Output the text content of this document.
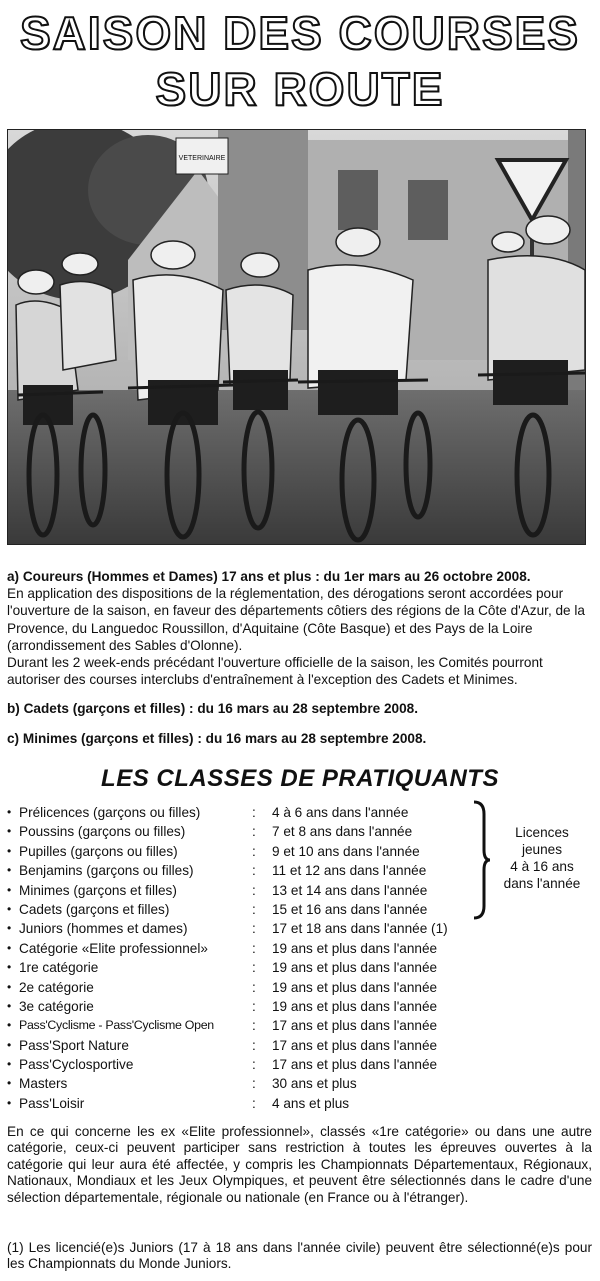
SAISON DES COURSES
SUR ROUTE
VETERINAIRE
a) Coureurs (Hommes et Dames) 17 ans et plus : du 1er mars au 26 octobre 2008.
En application des dispositions de la réglementation, des dérogations seront accordées pour l'ouverture de la saison, en faveur des départements côtiers des régions de la Côte d'Azur, de la Provence, du Languedoc Roussillon, d'Aquitaine (Côte Basque) et des Pays de la Loire (arrondissement des Sables d'Olonne).
Durant les 2 week-ends précédant l'ouverture officielle de la saison, les Comités pourront autoriser des courses interclubs d'entraînement à l'exception des Cadets et Minimes.
b) Cadets (garçons et filles) : du 16 mars au 28 septembre 2008.
c) Minimes (garçons et filles) : du 16 mars au 28 septembre 2008.
LES CLASSES DE PRATIQUANTS
• Prélicences (garçons ou filles)	: 4 à 6 ans dans l'année
• Poussins (garçons ou filles)	: 7 et 8 ans dans l'année
• Pupilles (garçons ou filles)	: 9 et 10 ans dans l'année
• Benjamins (garçons ou filles)	: 11 et 12 ans dans l'année
• Minimes (garçons et filles)	: 13 et 14 ans dans l'année
• Cadets (garçons et filles)	: 15 et 16 ans dans l'année
• Juniors (hommes et dames)	: 17 et 18 ans dans l'année (1)
• Catégorie «Elite professionnel»	: 19 ans et plus dans l'année
• 1re catégorie	: 19 ans et plus dans l'année
• 2e catégorie	: 19 ans et plus dans l'année
• 3e catégorie	: 19 ans et plus dans l'année
• Pass'Cyclisme - Pass'Cyclisme Open	: 17 ans et plus dans l'année
• Pass'Sport Nature	: 17 ans et plus dans l'année
• Pass'Cyclosportive	: 17 ans et plus dans l'année
• Masters	: 30 ans et plus
• Pass'Loisir	: 4 ans et plus
Licences
jeunes
4 à 16 ans
dans l'année
En ce qui concerne les ex «Elite professionnel», classés «1re catégorie» ou dans une autre catégorie, ceux-ci peuvent participer sans restriction à toutes les épreuves ouvertes à la catégorie qui leur aura été affectée, y compris les Championnats Départementaux, Régionaux, Nationaux, Mondiaux et les Jeux Olympiques, et peuvent être sélectionnés dans le cadre d'une sélection départementale, régionale ou nationale (en France ou à l'étranger).
(1) Les licencié(e)s Juniors (17 à 18 ans dans l'année civile) peuvent être sélectionné(e)s pour les Championnats du Monde Juniors.
